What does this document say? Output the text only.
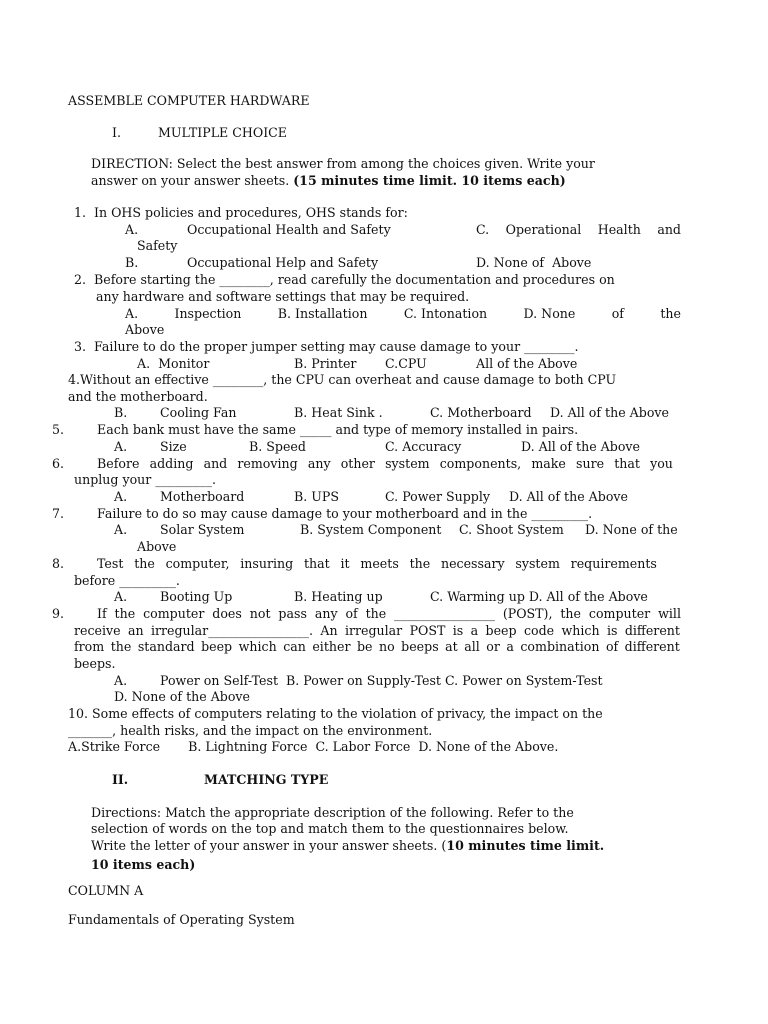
ASSEMBLE COMPUTER HARDWARE
I.	MULTIPLE CHOICE
DIRECTION: Select the best answer from among the choices given. Write your
answer on your answer sheets. (15 minutes time limit. 10 items each)
1.  In OHS policies and procedures, OHS stands for:
A.	Occupational Health and Safety	C. Operational Health and
Safety
B.	Occupational Help and Safety	D. None of  Above
2.  Before starting the ________, read carefully the documentation and procedures on
any hardware and software settings that may be required.
A.	Inspection	B. Installation	C. Intonation	D. None	of	the
Above
3.  Failure to do the proper jumper setting may cause damage to your ________.
A.  Monitor	B. Printer C.CPU	All of the Above
4.Without an effective ________, the CPU can overheat and cause damage to both CPU
and the motherboard.
B.	Cooling Fan	B. Heat Sink .	C. Motherboard D. All of the Above
5.	Each bank must have the same _____ and type of memory installed in pairs.
A.	Size	B. Speed	C. Accuracy	D. All of the Above
6.	Before adding and removing any other system components, make sure that you
unplug your _________.
A.	Motherboard	B. UPS	C. Power Supply D. All of the Above
7.	Failure to do so may cause damage to your motherboard and in the _________.
A.	Solar System	B. System Component C. Shoot System D. None of the
Above
8.	Test the computer, insuring that it meets the necessary system requirements
before _________.
A.	Booting Up	B. Heating up	C. Warming up D. All of the Above
9.	If the computer does not pass any of the ________________ (POST), the computer will
receive an irregular________________. An irregular POST is a beep code which is different
from the standard beep which can either be no beeps at all or a combination of different
beeps.
A.	Power on Self-Test  B. Power on Supply-Test C. Power on System-Test
D. None of the Above
10. Some effects of computers relating to the violation of privacy, the impact on the
_______, health risks, and the impact on the environment.
A.Strike Force       B. Lightning Force  C. Labor Force  D. None of the Above.
II.	MATCHING TYPE
Directions: Match the appropriate description of the following. Refer to the
selection of words on the top and match them to the questionnaires below.
Write the letter of your answer in your answer sheets. (10 minutes time limit.
10 items each)
COLUMN A
Fundamentals of Operating System
